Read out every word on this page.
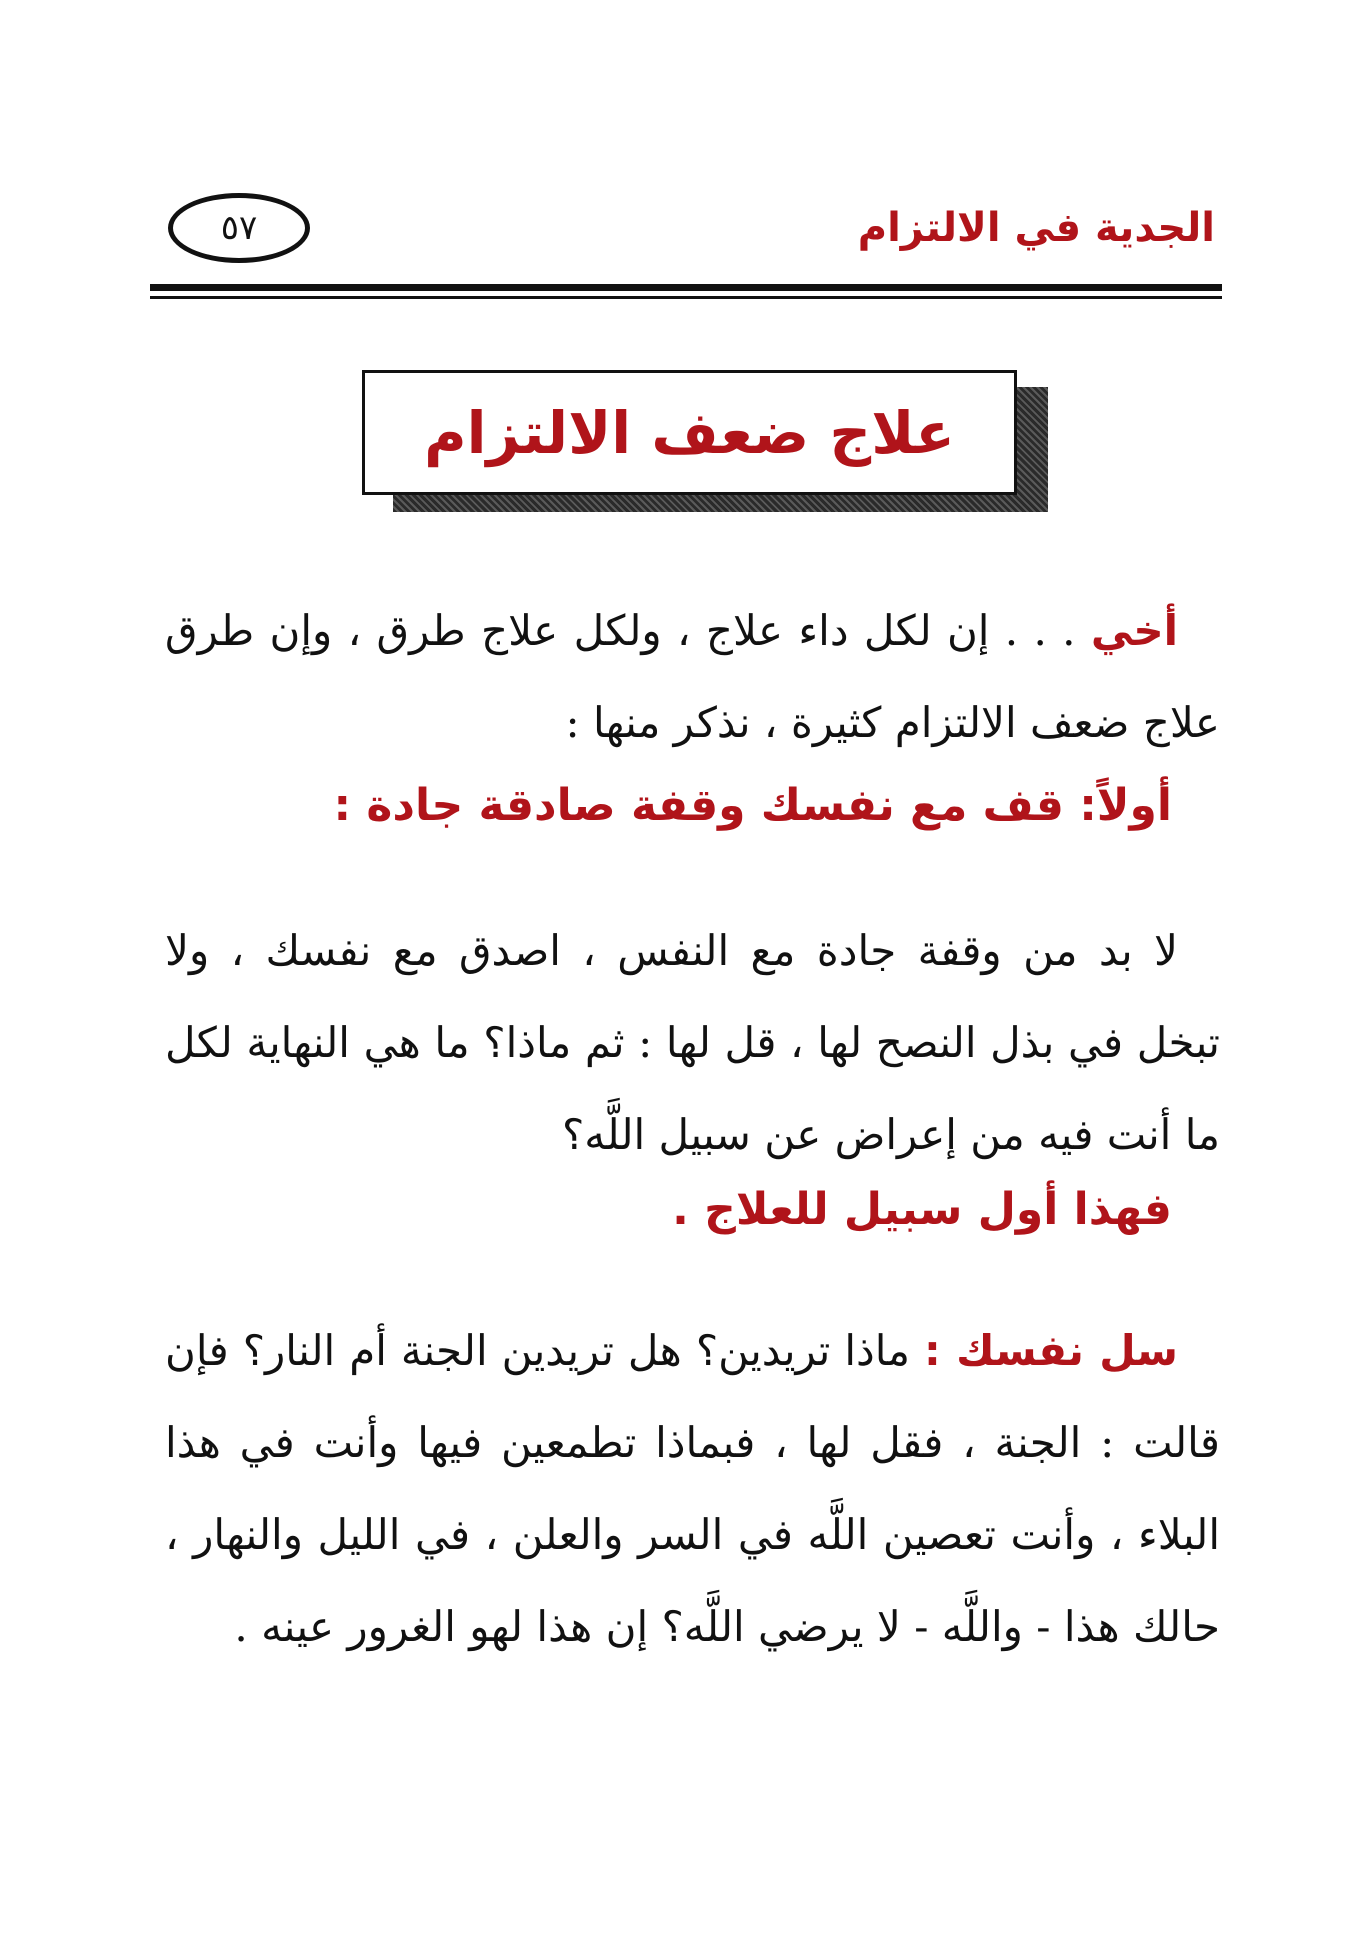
الجدية في الالتزام
٥٧
علاج ضعف الالتزام

أخي . . . إن لكل داء علاج ، ولكل علاج طرق ، وإن طرق علاج ضعف الالتزام كثيرة ، نذكر منها :

أولاً: قف مع نفسك وقفة صادقة جادة :

لا بد من وقفة جادة مع النفس ، اصدق مع نفسك ، ولا تبخل في بذل النصح لها ، قل لها : ثم ماذا؟ ما هي النهاية لكل ما أنت فيه من إعراض عن سبيل اللَّه؟

فهذا أول سبيل للعلاج .

سل نفسك : ماذا تريدين؟ هل تريدين الجنة أم النار؟ فإن قالت : الجنة ، فقل لها ، فبماذا تطمعين فيها وأنت في هذا البلاء ، وأنت تعصين اللَّه في السر والعلن ، في الليل والنهار ، حالك هذا - واللَّه - لا يرضي اللَّه؟ إن هذا لهو الغرور عينه .
